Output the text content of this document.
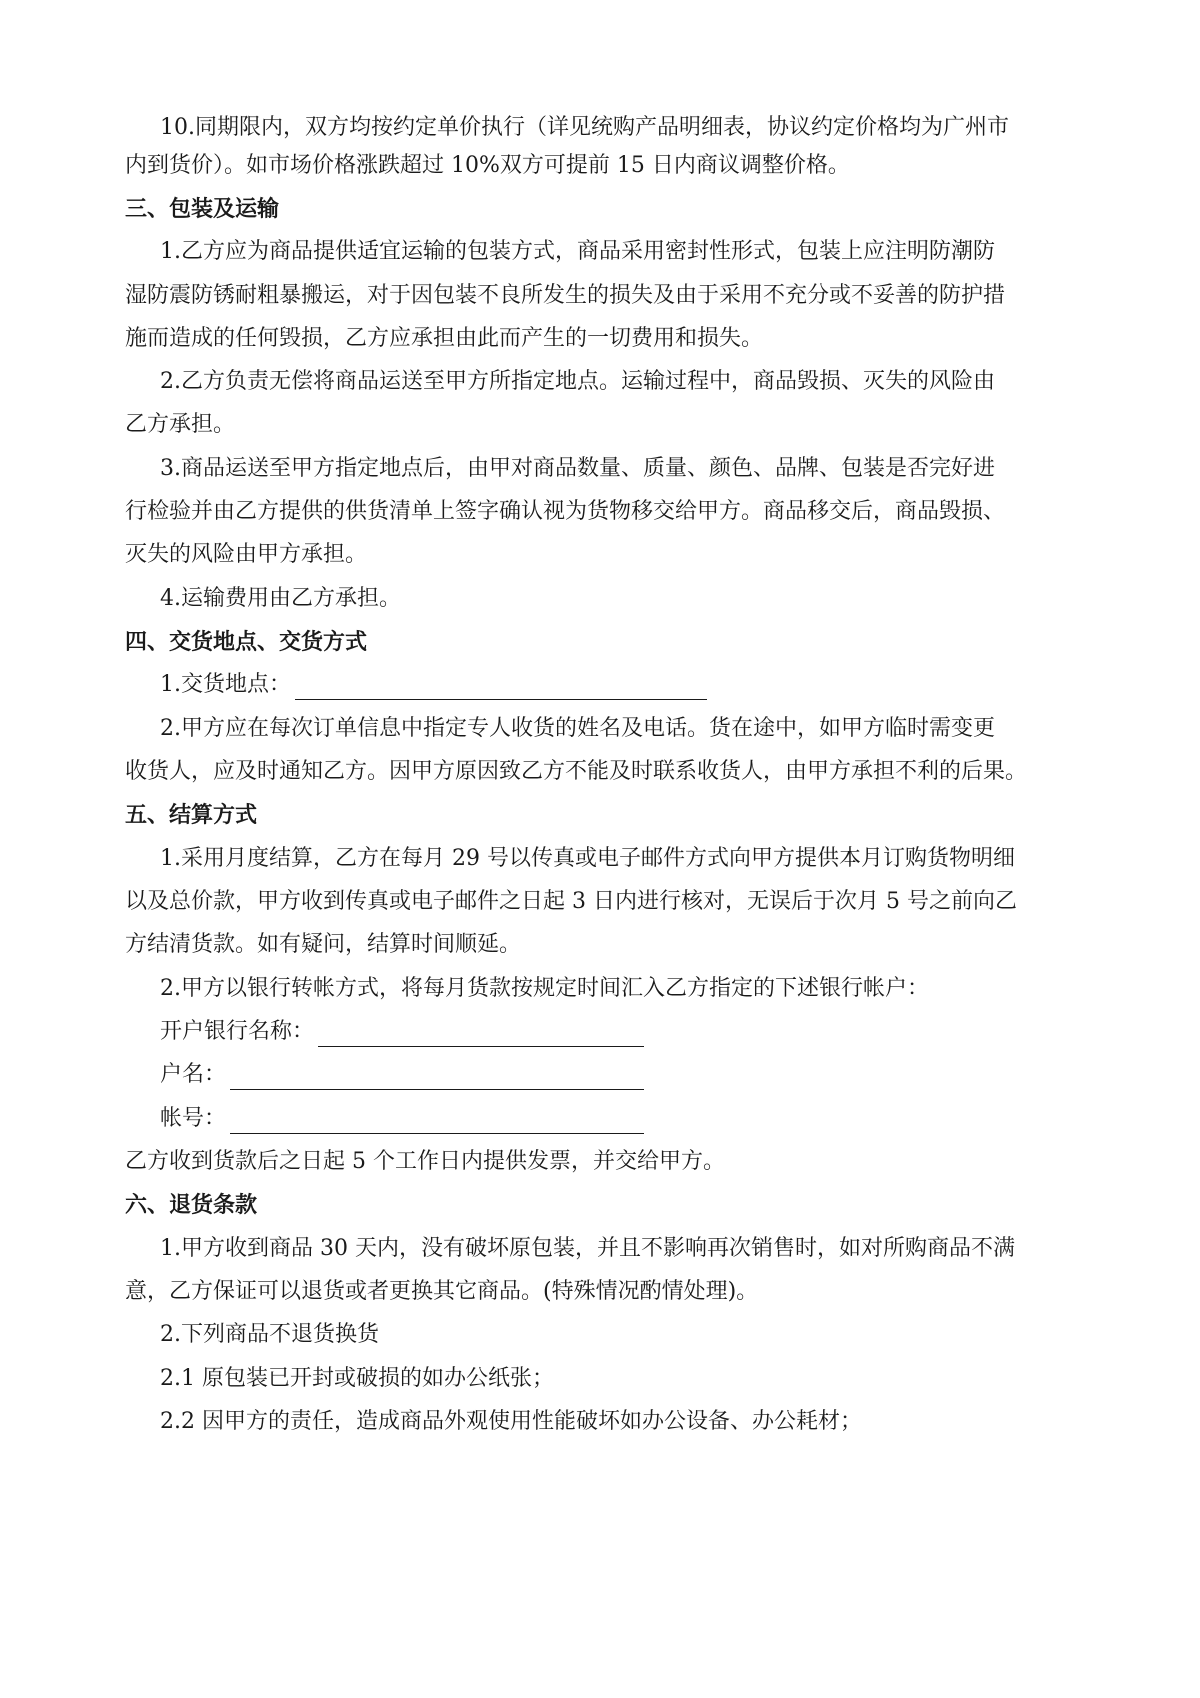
10.同期限内，双方均按约定单价执行（详见统购产品明细表，协议约定价格均为广州市
内到货价）。如市场价格涨跌超过 10%双方可提前 15 日内商议调整价格。
三、包装及运输
1.乙方应为商品提供适宜运输的包装方式，商品采用密封性形式，包装上应注明防潮防
湿防震防锈耐粗暴搬运，对于因包装不良所发生的损失及由于采用不充分或不妥善的防护措
施而造成的任何毁损，乙方应承担由此而产生的一切费用和损失。
2.乙方负责无偿将商品运送至甲方所指定地点。运输过程中，商品毁损、灭失的风险由
乙方承担。
3.商品运送至甲方指定地点后，由甲对商品数量、质量、颜色、品牌、包装是否完好进
行检验并由乙方提供的供货清单上签字确认视为货物移交给甲方。商品移交后，商品毁损、
灭失的风险由甲方承担。
4.运输费用由乙方承担。
四、交货地点、交货方式
1.交货地点：
2.甲方应在每次订单信息中指定专人收货的姓名及电话。货在途中，如甲方临时需变更
收货人，应及时通知乙方。因甲方原因致乙方不能及时联系收货人，由甲方承担不利的后果。
五、结算方式
1.采用月度结算，乙方在每月 29 号以传真或电子邮件方式向甲方提供本月订购货物明细
以及总价款，甲方收到传真或电子邮件之日起 3 日内进行核对，无误后于次月 5 号之前向乙
方结清货款。如有疑问，结算时间顺延。
2.甲方以银行转帐方式，将每月货款按规定时间汇入乙方指定的下述银行帐户：
开户银行名称：
户名：
帐号：
乙方收到货款后之日起 5 个工作日内提供发票，并交给甲方。
六、退货条款
1.甲方收到商品 30 天内，没有破坏原包装，并且不影响再次销售时，如对所购商品不满
意，乙方保证可以退货或者更换其它商品。(特殊情况酌情处理)。
2.下列商品不退货换货
2.1 原包装已开封或破损的如办公纸张；
2.2 因甲方的责任，造成商品外观使用性能破坏如办公设备、办公耗材；
